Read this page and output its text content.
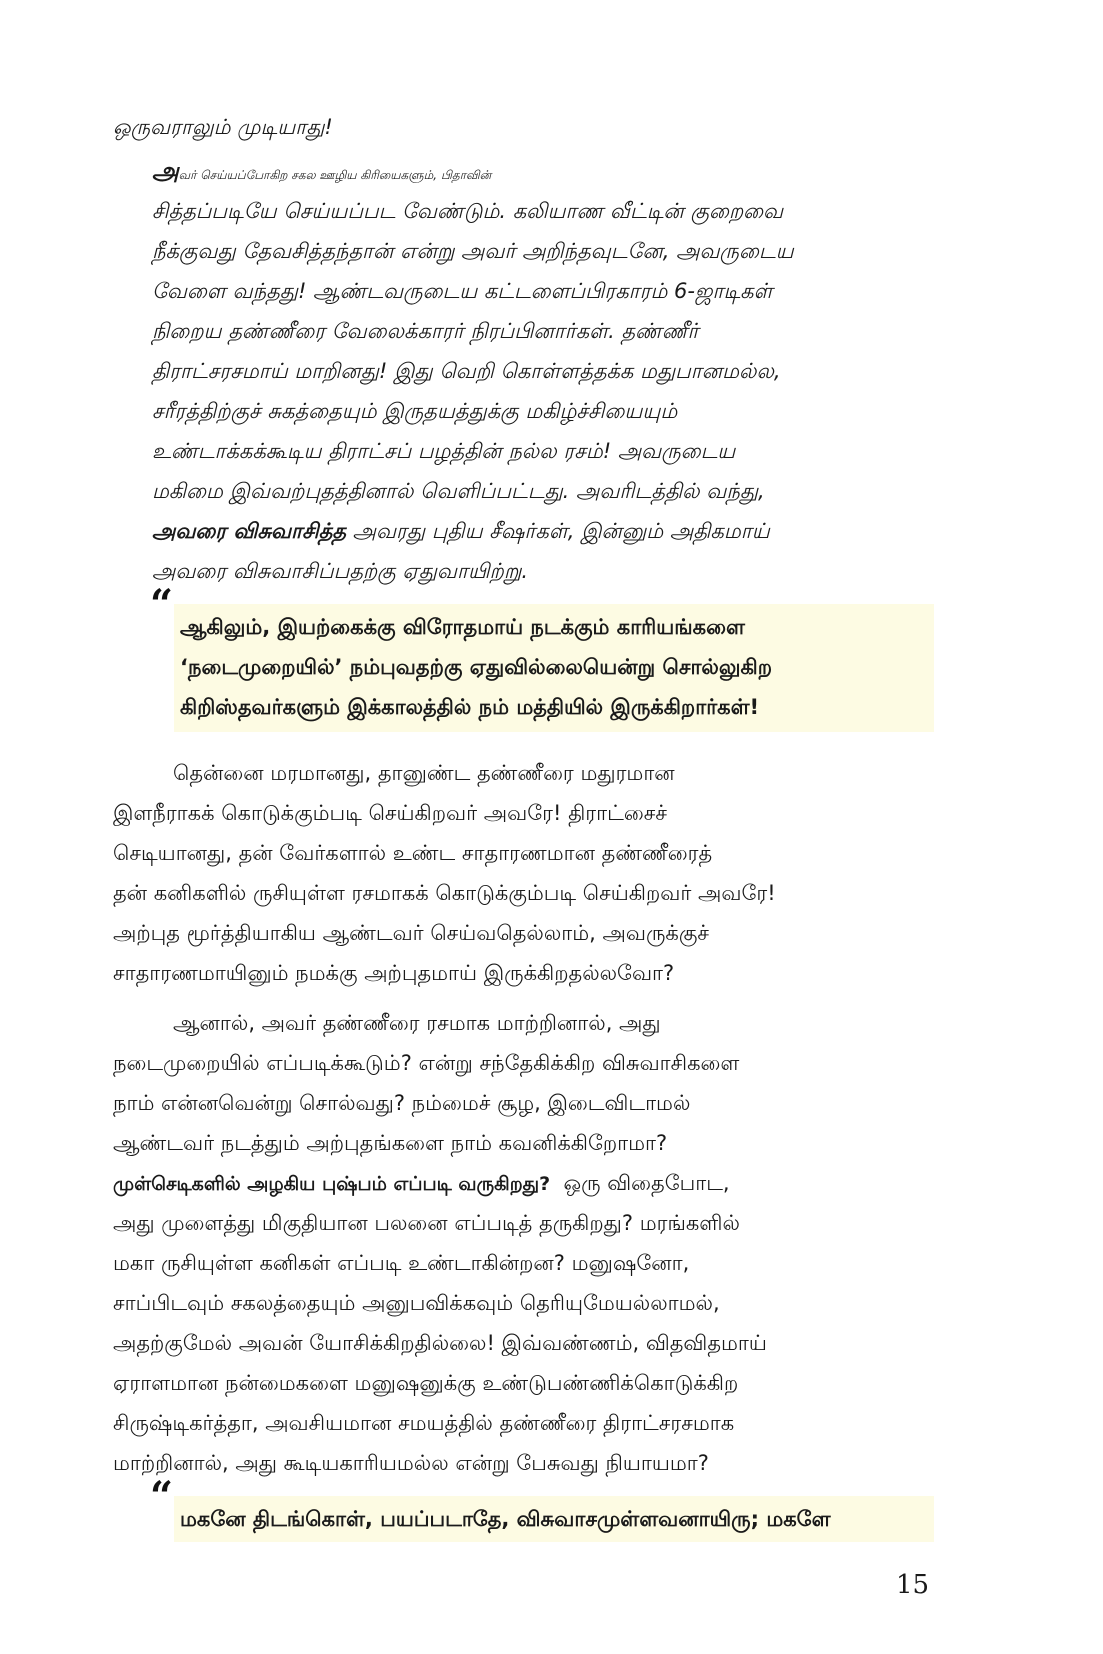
ஒருவராலும் முடியாது!
அவர் செய்யப்போகிற சகல ஊழிய கிரியைகளும், பிதாவின்
சித்தப்படியே செய்யப்பட வேண்டும். கலியாண வீட்டின் குறைவை
நீக்குவது தேவசித்தந்தான் என்று அவர் அறிந்தவுடனே, அவருடைய
வேளை வந்தது! ஆண்டவருடைய கட்டளைப்பிரகாரம் 6-ஜாடிகள்
நிறைய தண்ணீரை வேலைக்காரர் நிரப்பினார்கள். தண்ணீர்
திராட்சரசமாய் மாறினது! இது வெறி கொள்ளத்தக்க மதுபானமல்ல,
சரீரத்திற்குச் சுகத்தையும் இருதயத்துக்கு மகிழ்ச்சியையும்
உண்டாக்கக்கூடிய திராட்சப் பழத்தின் நல்ல ரசம்! அவருடைய
மகிமை இவ்வற்புதத்தினால் வெளிப்பட்டது. அவரிடத்தில் வந்து,
அவரை விசுவாசித்த அவரது புதிய சீஷர்கள், இன்னும் அதிகமாய்
அவரை விசுவாசிப்பதற்கு ஏதுவாயிற்று.
“ ஆகிலும், இயற்கைக்கு விரோதமாய் நடக்கும் காரியங்களை
‘நடைமுறையில்’ நம்புவதற்கு ஏதுவில்லையென்று சொல்லுகிற
கிறிஸ்தவர்களும் இக்காலத்தில் நம் மத்தியில் இருக்கிறார்கள்!
தென்னை மரமானது, தானுண்ட தண்ணீரை மதுரமான
இளநீராகக் கொடுக்கும்படி செய்கிறவர் அவரே! திராட்சைச்
செடியானது, தன் வேர்களால் உண்ட சாதாரணமான தண்ணீரைத்
தன் கனிகளில் ருசியுள்ள ரசமாகக் கொடுக்கும்படி செய்கிறவர் அவரே!
அற்புத மூர்த்தியாகிய ஆண்டவர் செய்வதெல்லாம், அவருக்குச்
சாதாரணமாயினும் நமக்கு அற்புதமாய் இருக்கிறதல்லவோ?
ஆனால், அவர் தண்ணீரை ரசமாக மாற்றினால், அது
நடைமுறையில் எப்படிக்கூடும்? என்று சந்தேகிக்கிற விசுவாசிகளை
நாம் என்னவென்று சொல்வது? நம்மைச் சூழ, இடைவிடாமல்
ஆண்டவர் நடத்தும் அற்புதங்களை நாம் கவனிக்கிறோமா?
முள்செடிகளில் அழகிய புஷ்பம் எப்படி வருகிறது? ஒரு விதைபோட,
அது முளைத்து மிகுதியான பலனை எப்படித் தருகிறது? மரங்களில்
மகா ருசியுள்ள கனிகள் எப்படி உண்டாகின்றன? மனுஷனோ,
சாப்பிடவும் சகலத்தையும் அனுபவிக்கவும் தெரியுமேயல்லாமல்,
அதற்குமேல் அவன் யோசிக்கிறதில்லை! இவ்வண்ணம், விதவிதமாய்
ஏராளமான நன்மைகளை மனுஷனுக்கு உண்டுபண்ணிக்கொடுக்கிற
சிருஷ்டிகர்த்தா, அவசியமான சமயத்தில் தண்ணீரை திராட்சரசமாக
மாற்றினால், அது கூடியகாரியமல்ல என்று பேசுவது நியாயமா?
“ மகனே திடங்கொள், பயப்படாதே, விசுவாசமுள்ளவனாயிரு; மகளே
15
